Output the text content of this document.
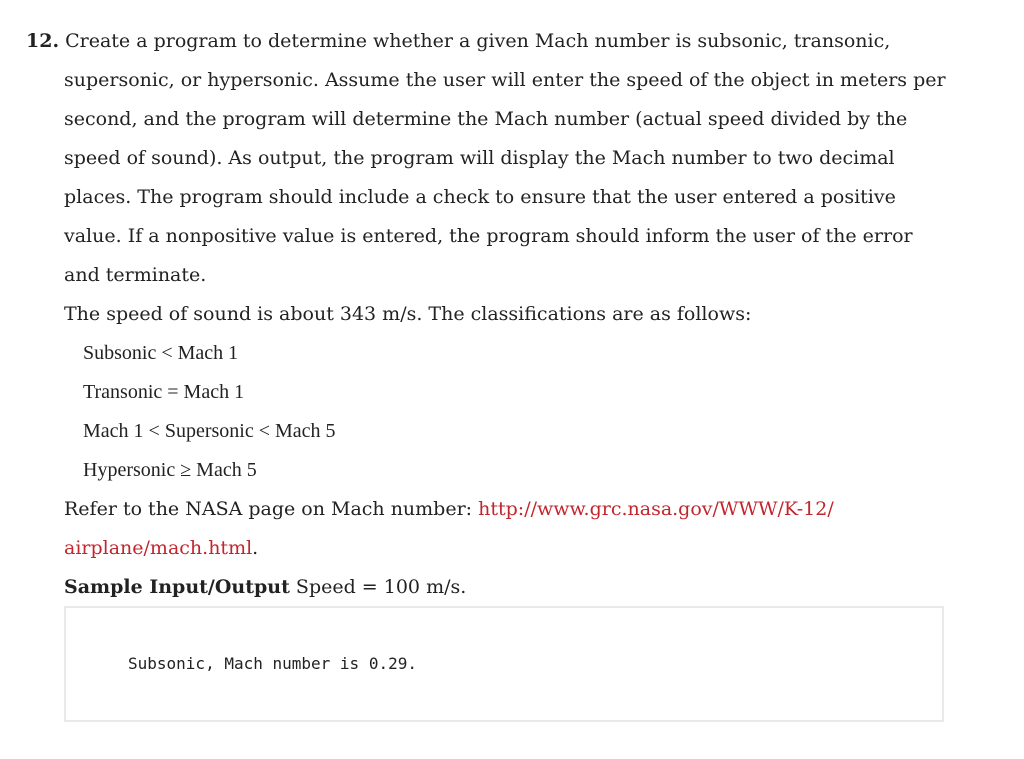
12. Create a program to determine whether a given Mach number is subsonic, transonic,
supersonic, or hypersonic. Assume the user will enter the speed of the object in meters per
second, and the program will determine the Mach number (actual speed divided by the
speed of sound). As output, the program will display the Mach number to two decimal
places. The program should include a check to ensure that the user entered a positive
value. If a nonpositive value is entered, the program should inform the user of the error
and terminate.
The speed of sound is about 343 m/s. The classifications are as follows:
Subsonic < Mach 1
Transonic = Mach 1
Mach 1 < Supersonic < Mach 5
Hypersonic ≥ Mach 5
Refer to the NASA page on Mach number: http://www.grc.nasa.gov/WWW/K-12/
airplane/mach.html.
Sample Input/Output Speed = 100 m/s.
Subsonic, Mach number is 0.29.
